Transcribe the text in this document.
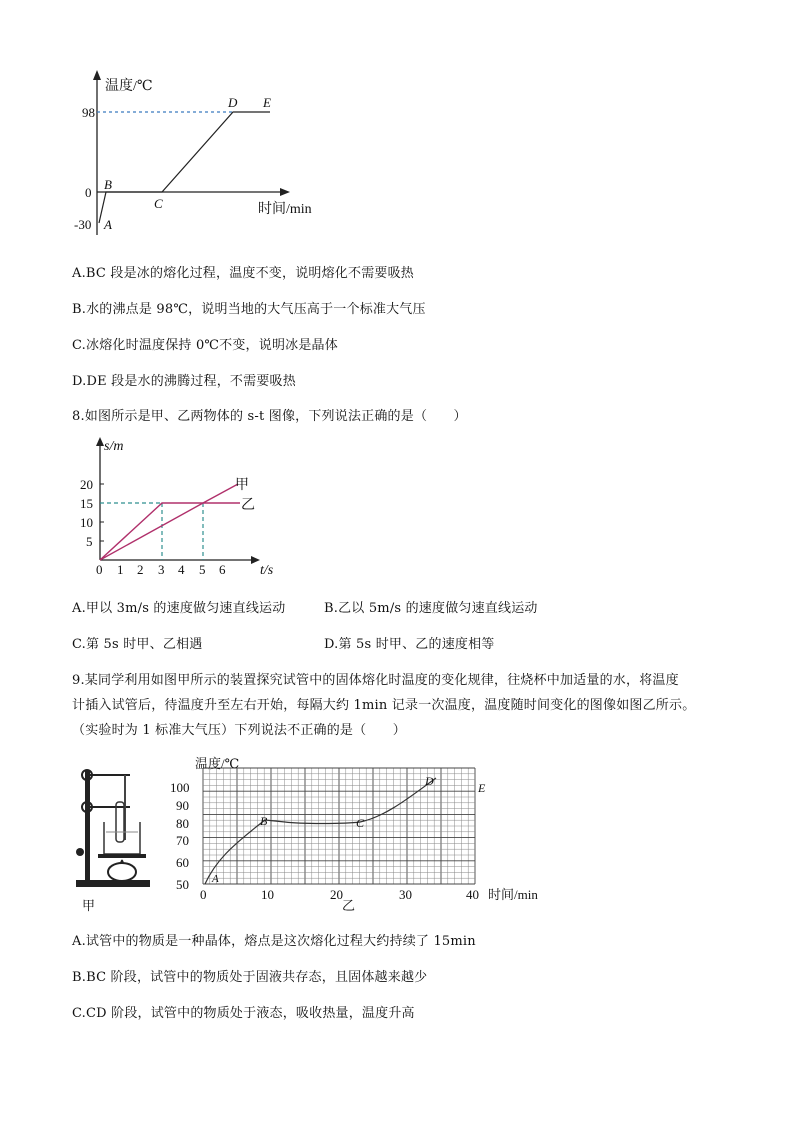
温度/℃
时间/min
98
0
-30 A
B
C
D E
A.BC 段是冰的熔化过程，温度不变，说明熔化不需要吸热
B.水的沸点是 98℃，说明当地的大气压高于一个标准大气压
C.冰熔化时温度保持 0℃不变，说明冰是晶体
D.DE 段是水的沸腾过程，不需要吸热
8.如图所示是甲、乙两物体的 s-t 图像，下列说法正确的是（　　）
s/m
t/s
5
10
15
20
0 1 2 3 4 5 6
甲
乙
A.甲以 3m/s 的速度做匀速直线运动	B.乙以 5m/s 的速度做匀速直线运动
C.第 5s 时甲、乙相遇	D.第 5s 时甲、乙的速度相等
9.某同学利用如图甲所示的装置探究试管中的固体熔化时温度的变化规律，往烧杯中加适量的水，将温度
计插入试管后，待温度升至左右开始，每隔大约 1min 记录一次温度，温度随时间变化的图像如图乙所示。
（实验时为 1 标准大气压）下列说法不正确的是（　　）
甲
温度/℃
时间/min
50
60
70
80
90
100
0	10	20	30	40
A
B	C
D	E
乙
A.试管中的物质是一种晶体，熔点是这次熔化过程大约持续了 15min
B.BC 阶段，试管中的物质处于固液共存态，且固体越来越少
C.CD 阶段，试管中的物质处于液态，吸收热量，温度升高
